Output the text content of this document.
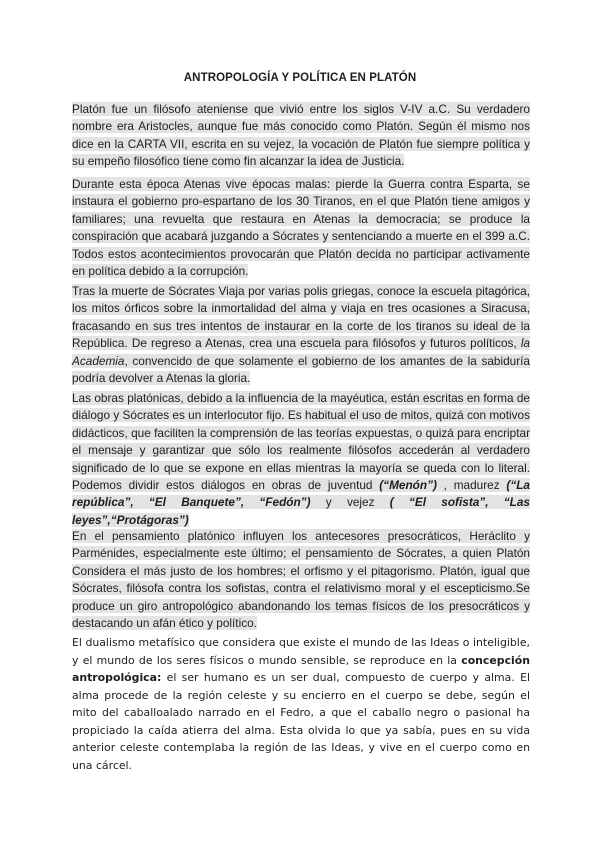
ANTROPOLOGÍA Y POLÍTICA EN PLATÓN
Platón fue un filósofo ateniense que vivió entre los siglos V-IV a.C. Su verdadero nombre era Aristocles, aunque fue más conocido como Platón. Según él mismo nos dice en la CARTA VII, escrita en su vejez, la vocación de Platón fue siempre política y su empeño filosófico tiene como fin alcanzar la idea de Justicia.
Durante esta época Atenas vive épocas malas: pierde la Guerra contra Esparta, se instaura el gobierno pro-espartano de los 30 Tiranos, en el que Platón tiene amigos y familiares; una revuelta que restaura en Atenas la democracia; se produce la conspiración que acabará juzgando a Sócrates y sentenciando a muerte en el 399 a.C. Todos estos acontecimientos provocarán que Platón decida no participar activamente en política debido a la corrupción.
Tras la muerte de Sócrates Viaja por varias polis griegas, conoce la escuela pitagórica, los mitos órficos sobre la inmortalidad del alma y viaja en tres ocasiones a Siracusa, fracasando en sus tres intentos de instaurar en la corte de los tiranos su ideal de la República. De regreso a Atenas, crea una escuela para filósofos y futuros políticos, la Academia, convencido de que solamente el gobierno de los amantes de la sabiduría podría devolver a Atenas la gloria.
Las obras platónicas, debido a la influencia de la mayéutica, están escritas en forma de diálogo y Sócrates es un interlocutor fijo. Es habitual el uso de mitos, quizá con motivos didácticos, que faciliten la comprensión de las teorías expuestas, o quizá para encriptar el mensaje y garantizar que sólo los realmente filósofos accederán al verdadero significado de lo que se expone en ellas mientras la mayoría se queda con lo literal. Podemos dividir estos diálogos en obras de juventud (“Menón”) , madurez (“La república”, “El Banquete”, “Fedón”) y vejez ( “El sofista”, “Las leyes”,“Protágoras”)
En el pensamiento platónico influyen los antecesores presocráticos, Heráclito y Parménides, especialmente este último; el pensamiento de Sócrates, a quien Platón Considera el más justo de los hombres; el orfismo y el pitagorismo. Platón, igual que Sócrates, filósofa contra los sofistas, contra el relativismo moral y el escepticismo.Se produce un giro antropológico abandonando los temas físicos de los presocráticos y destacando un afán ético y político.
El dualismo metafísico que considera que existe el mundo de las Ideas o inteligible, y el mundo de los seres físicos o mundo sensible, se reproduce en la concepción antropológica: el ser humano es un ser dual, compuesto de cuerpo y alma. El alma procede de la región celeste y su encierro en el cuerpo se debe, según el mito del caballoalado narrado en el Fedro, a que el caballo negro o pasional ha propiciado la caída atierra del alma. Esta olvida lo que ya sabía, pues en su vida anterior celeste contemplaba la región de las Ideas, y vive en el cuerpo como en una cárcel.
